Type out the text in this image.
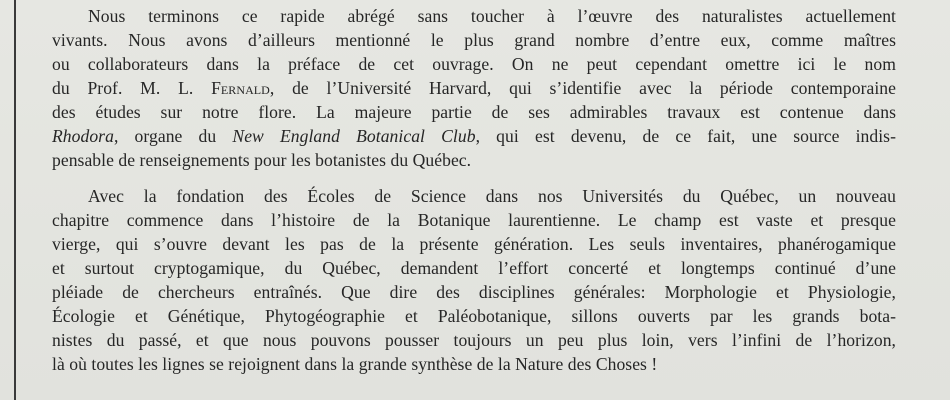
Nous terminons ce rapide abrégé sans toucher à l’œuvre des naturalistes actuellement
vivants. Nous avons d’ailleurs mentionné le plus grand nombre d’entre eux, comme maîtres
ou collaborateurs dans la préface de cet ouvrage. On ne peut cependant omettre ici le nom
du Prof. M. L. Fernald, de l’Université Harvard, qui s’identifie avec la période contemporaine
des études sur notre flore. La majeure partie de ses admirables travaux est contenue dans
Rhodora, organe du New England Botanical Club, qui est devenu, de ce fait, une source indis-
pensable de renseignements pour les botanistes du Québec.
Avec la fondation des Écoles de Science dans nos Universités du Québec, un nouveau
chapitre commence dans l’histoire de la Botanique laurentienne. Le champ est vaste et presque
vierge, qui s’ouvre devant les pas de la présente génération. Les seuls inventaires, phanérogamique
et surtout cryptogamique, du Québec, demandent l’effort concerté et longtemps continué d’une
pléiade de chercheurs entraînés. Que dire des disciplines générales: Morphologie et Physiologie,
Écologie et Génétique, Phytogéographie et Paléobotanique, sillons ouverts par les grands bota-
nistes du passé, et que nous pouvons pousser toujours un peu plus loin, vers l’infini de l’horizon,
là où toutes les lignes se rejoignent dans la grande synthèse de la Nature des Choses !
